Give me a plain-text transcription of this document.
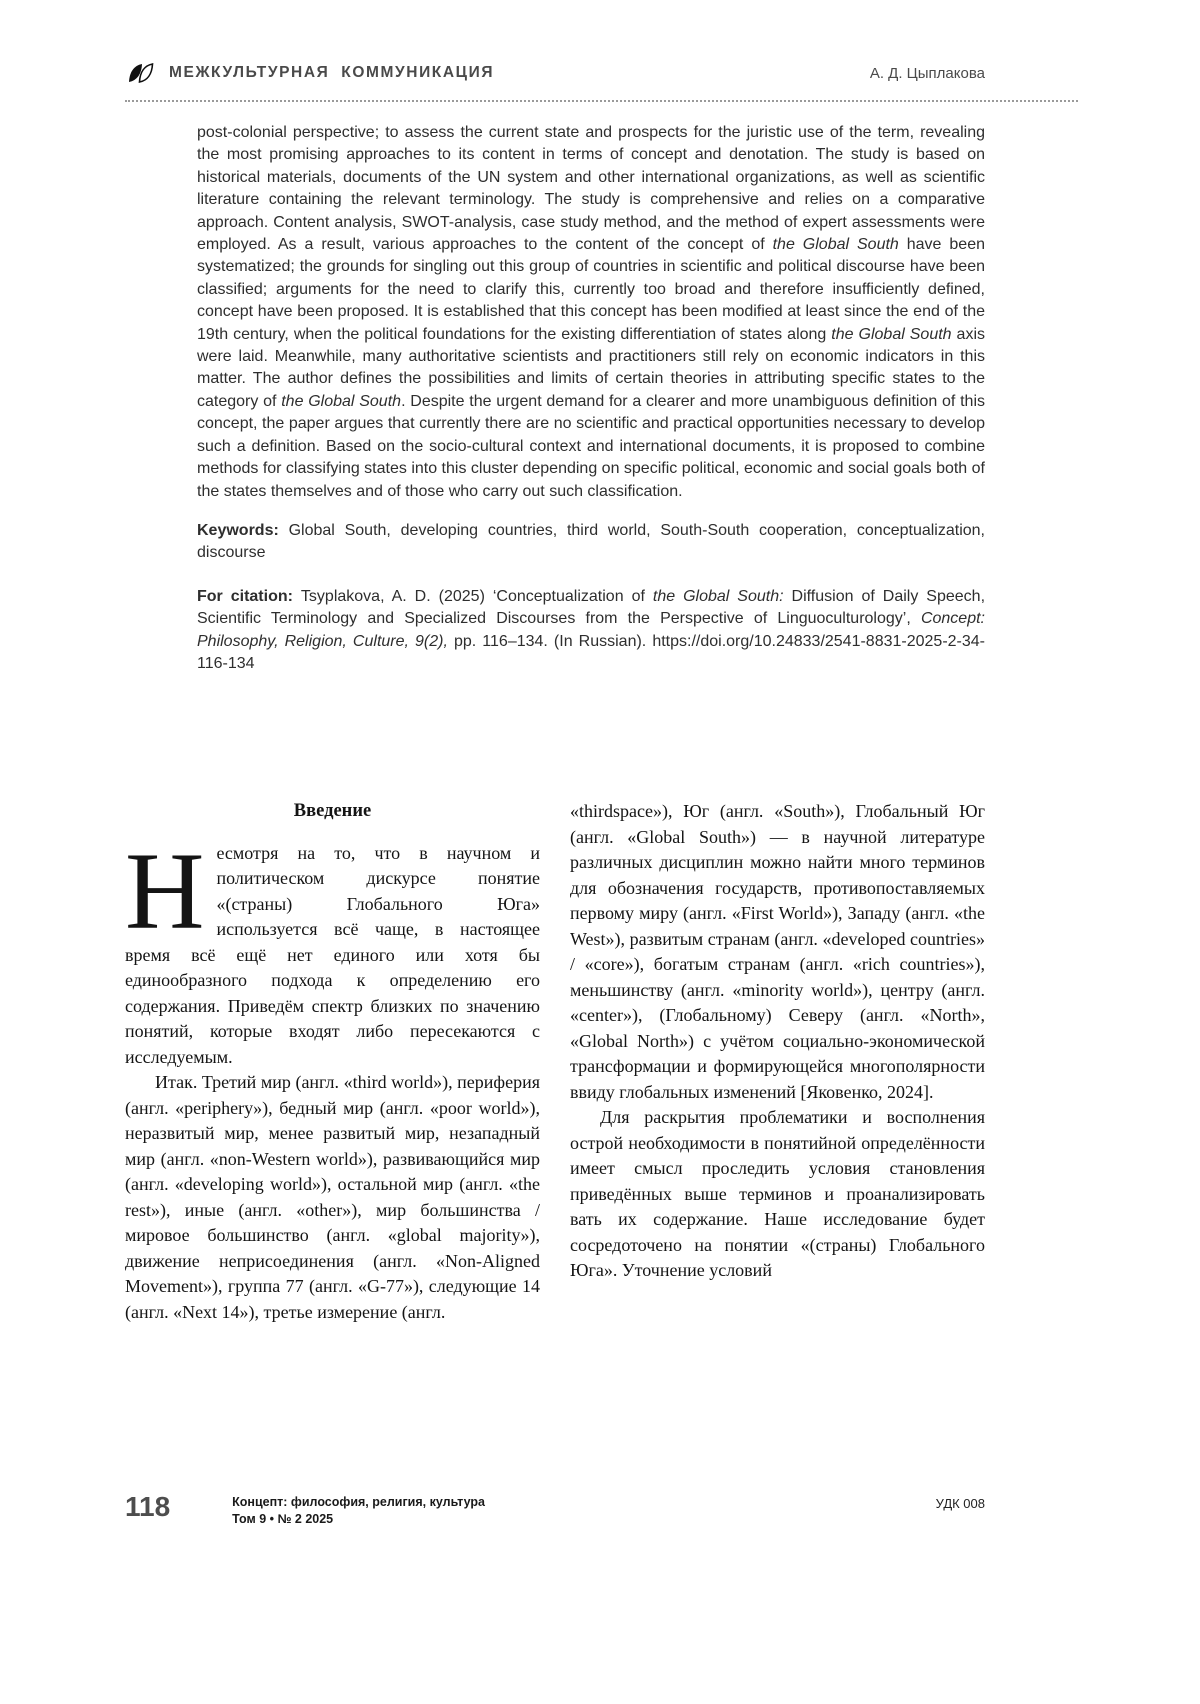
МЕЖКУЛЬТУРНАЯ КОММУНИКАЦИЯ	А. Д. Цыплакова

post-colonial perspective; to assess the current state and prospects for the juristic use of the term, revealing the most promising approaches to its content in terms of concept and denotation. The study is based on historical materials, documents of the UN system and other international organizations, as well as scientific literature containing the relevant terminology. The study is comprehensive and relies on a comparative approach. Content analysis, SWOT-analysis, case study method, and the method of expert assessments were employed. As a result, various approaches to the content of the concept of the Global South have been systematized; the grounds for singling out this group of countries in scientific and political discourse have been classified; arguments for the need to clarify this, currently too broad and therefore insufficiently defined, concept have been proposed. It is established that this concept has been modified at least since the end of the 19th century, when the political foundations for the existing differentiation of states along the Global South axis were laid. Meanwhile, many authoritative scientists and practitioners still rely on economic indicators in this matter. The author defines the possibilities and limits of certain theories in attributing specific states to the category of the Global South. Despite the urgent demand for a clearer and more unambiguous definition of this concept, the paper argues that currently there are no scientific and practical opportunities necessary to develop such a definition. Based on the socio-cultural context and international documents, it is proposed to combine methods for classifying states into this cluster depending on specific political, economic and social goals both of the states themselves and of those who carry out such classification.

Keywords: Global South, developing countries, third world, South-South cooperation, conceptualization, discourse

For citation: Tsyplakova, A. D. (2025) ‘Conceptualization of the Global South: Diffusion of Daily Speech, Scientific Terminology and Specialized Discourses from the Perspective of Linguoculturology’, Concept: Philosophy, Religion, Culture, 9(2), pp. 116–134. (In Russian). https://doi.org/10.24833/2541-8831-2025-2-34-116-134

Введение

Несмотря на то, что в научном и политическом дискурсе понятие «(страны) Глобального Юга» используется всё чаще, в настоящее время всё ещё нет единого или хотя бы единообразного подхода к определению его содержания. Приведём спектр близких по значению понятий, которые входят либо пересекаются с исследуемым.

Итак. Третий мир (англ. «third world»), периферия (англ. «periphery»), бедный мир (англ. «poor world»), неразвитый мир, менее развитый мир, незападный мир (англ. «non-Western world»), развивающийся мир (англ. «developing world»), остальной мир (англ. «the rest»), иные (англ. «other»), мир большинства / мировое большинство (англ. «global majority»), движение неприсоединения (англ. «Non-Aligned Movement»), группа 77 (англ. «G-77»), следующие 14 (англ. «Next 14»), третье измерение (англ.

«thirdspace»), Юг (англ. «South»), Глобальный Юг (англ. «Global South») — в научной литературе различных дисциплин можно найти много терминов для обозначения государств, противопоставляемых первому миру (англ. «First World»), Западу (англ. «the West»), развитым странам (англ. «developed countries» / «core»), богатым странам (англ. «rich countries»), меньшинству (англ. «minority world»), центру (англ. «center»), (Глобальному) Северу (англ. «North», «Global North») с учётом социально-экономической трансформации и формирующейся многополярности ввиду глобальных изменений [Яковенко, 2024].

Для раскрытия проблематики и восполнения острой необходимости в понятийной определённости имеет смысл проследить условия становления приведённых выше терминов и проанализировать вать их содержание. Наше исследование будет сосредоточено на понятии «(страны) Глобального Юга». Уточнение условий

118	Концепт: философия, религия, культура
Том 9 • № 2 2025
УДК 008
